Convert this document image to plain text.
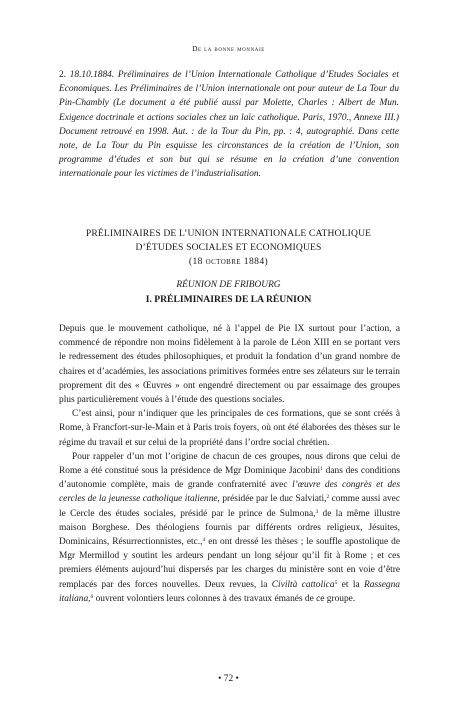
De la bonne monnaie

2. 18.10.1884. Préliminaires de l’Union Internationale Catholique d’Etudes Sociales et Economiques. Les Préliminaires de l’Union internationale ont pour auteur de La Tour du Pin-Chambly (Le document a été publié aussi par Molette, Charles : Albert de Mun. Exigence doctrinale et actions sociales chez un laïc catholique. Paris, 1970., Annexe III.) Document retrouvé en 1998. Aut. : de la Tour du Pin, pp. : 4, autographié. Dans cette note, de La Tour du Pin esquisse les circonstances de la création de l’Union, son programme d’études et son but qui se résume en la création d’une convention internationale pour les victimes de l’industrialisation.

PRÉLIMINAIRES DE L’UNION INTERNATIONALE CATHOLIQUE
D’ÉTUDES SOCIALES ET ECONOMIQUES
(18 octobre 1884)

RÉUNION DE FRIBOURG
I. PRÉLIMINAIRES DE LA RÉUNION

Depuis que le mouvement catholique, né à l’appel de Pie IX surtout pour l’action, a commencé de répondre non moins fidèlement à la parole de Léon XIII en se portant vers le redressement des études philosophiques, et produit la fondation d’un grand nombre de chaires et d’académies, les associations primitives formées entre ses zélateurs sur le terrain proprement dit des « Œuvres » ont engendré directement ou par essaimage des groupes plus particulièrement voués à l’étude des questions sociales.

C’est ainsi, pour n’indiquer que les principales de ces formations, que se sont créés à Rome, à Francfort-sur-le-Main et à Paris trois foyers, où ont été élaborées des thèses sur le régime du travail et sur celui de la propriété dans l’ordre social chrétien.

Pour rappeler d’un mot l’origine de chacun de ces groupes, nous dirons que celui de Rome a été constitué sous la présidence de Mgr Dominique Jacobini$^1$ dans des conditions d’autonomie complète, mais de grande confraternité avec l’œuvre des congrès et des cercles de la jeunesse catholique italienne, présidée par le duc Salviati,$^2$ comme aussi avec le Cercle des études sociales, présidé par le prince de Sulmona,$^3$ de la même illustre maison Borghese. Des théologiens fournis par différents ordres religieux, Jésuites, Dominicains, Résurrectionnistes, etc.,$^4$ en ont dressé les thèses ; le souffle apostolique de Mgr Mermillod y soutint les ardeurs pendant un long séjour qu’il fit à Rome ; et ces premiers éléments aujourd’hui dispersés par les charges du ministère sont en voie d’être remplacés par des forces nouvelles. Deux revues, la Civiltà cattolica$^5$ et la Rassegna italiana,$^6$ ouvrent volontiers leurs colonnes à des travaux émanés de ce groupe.

• 72 •
